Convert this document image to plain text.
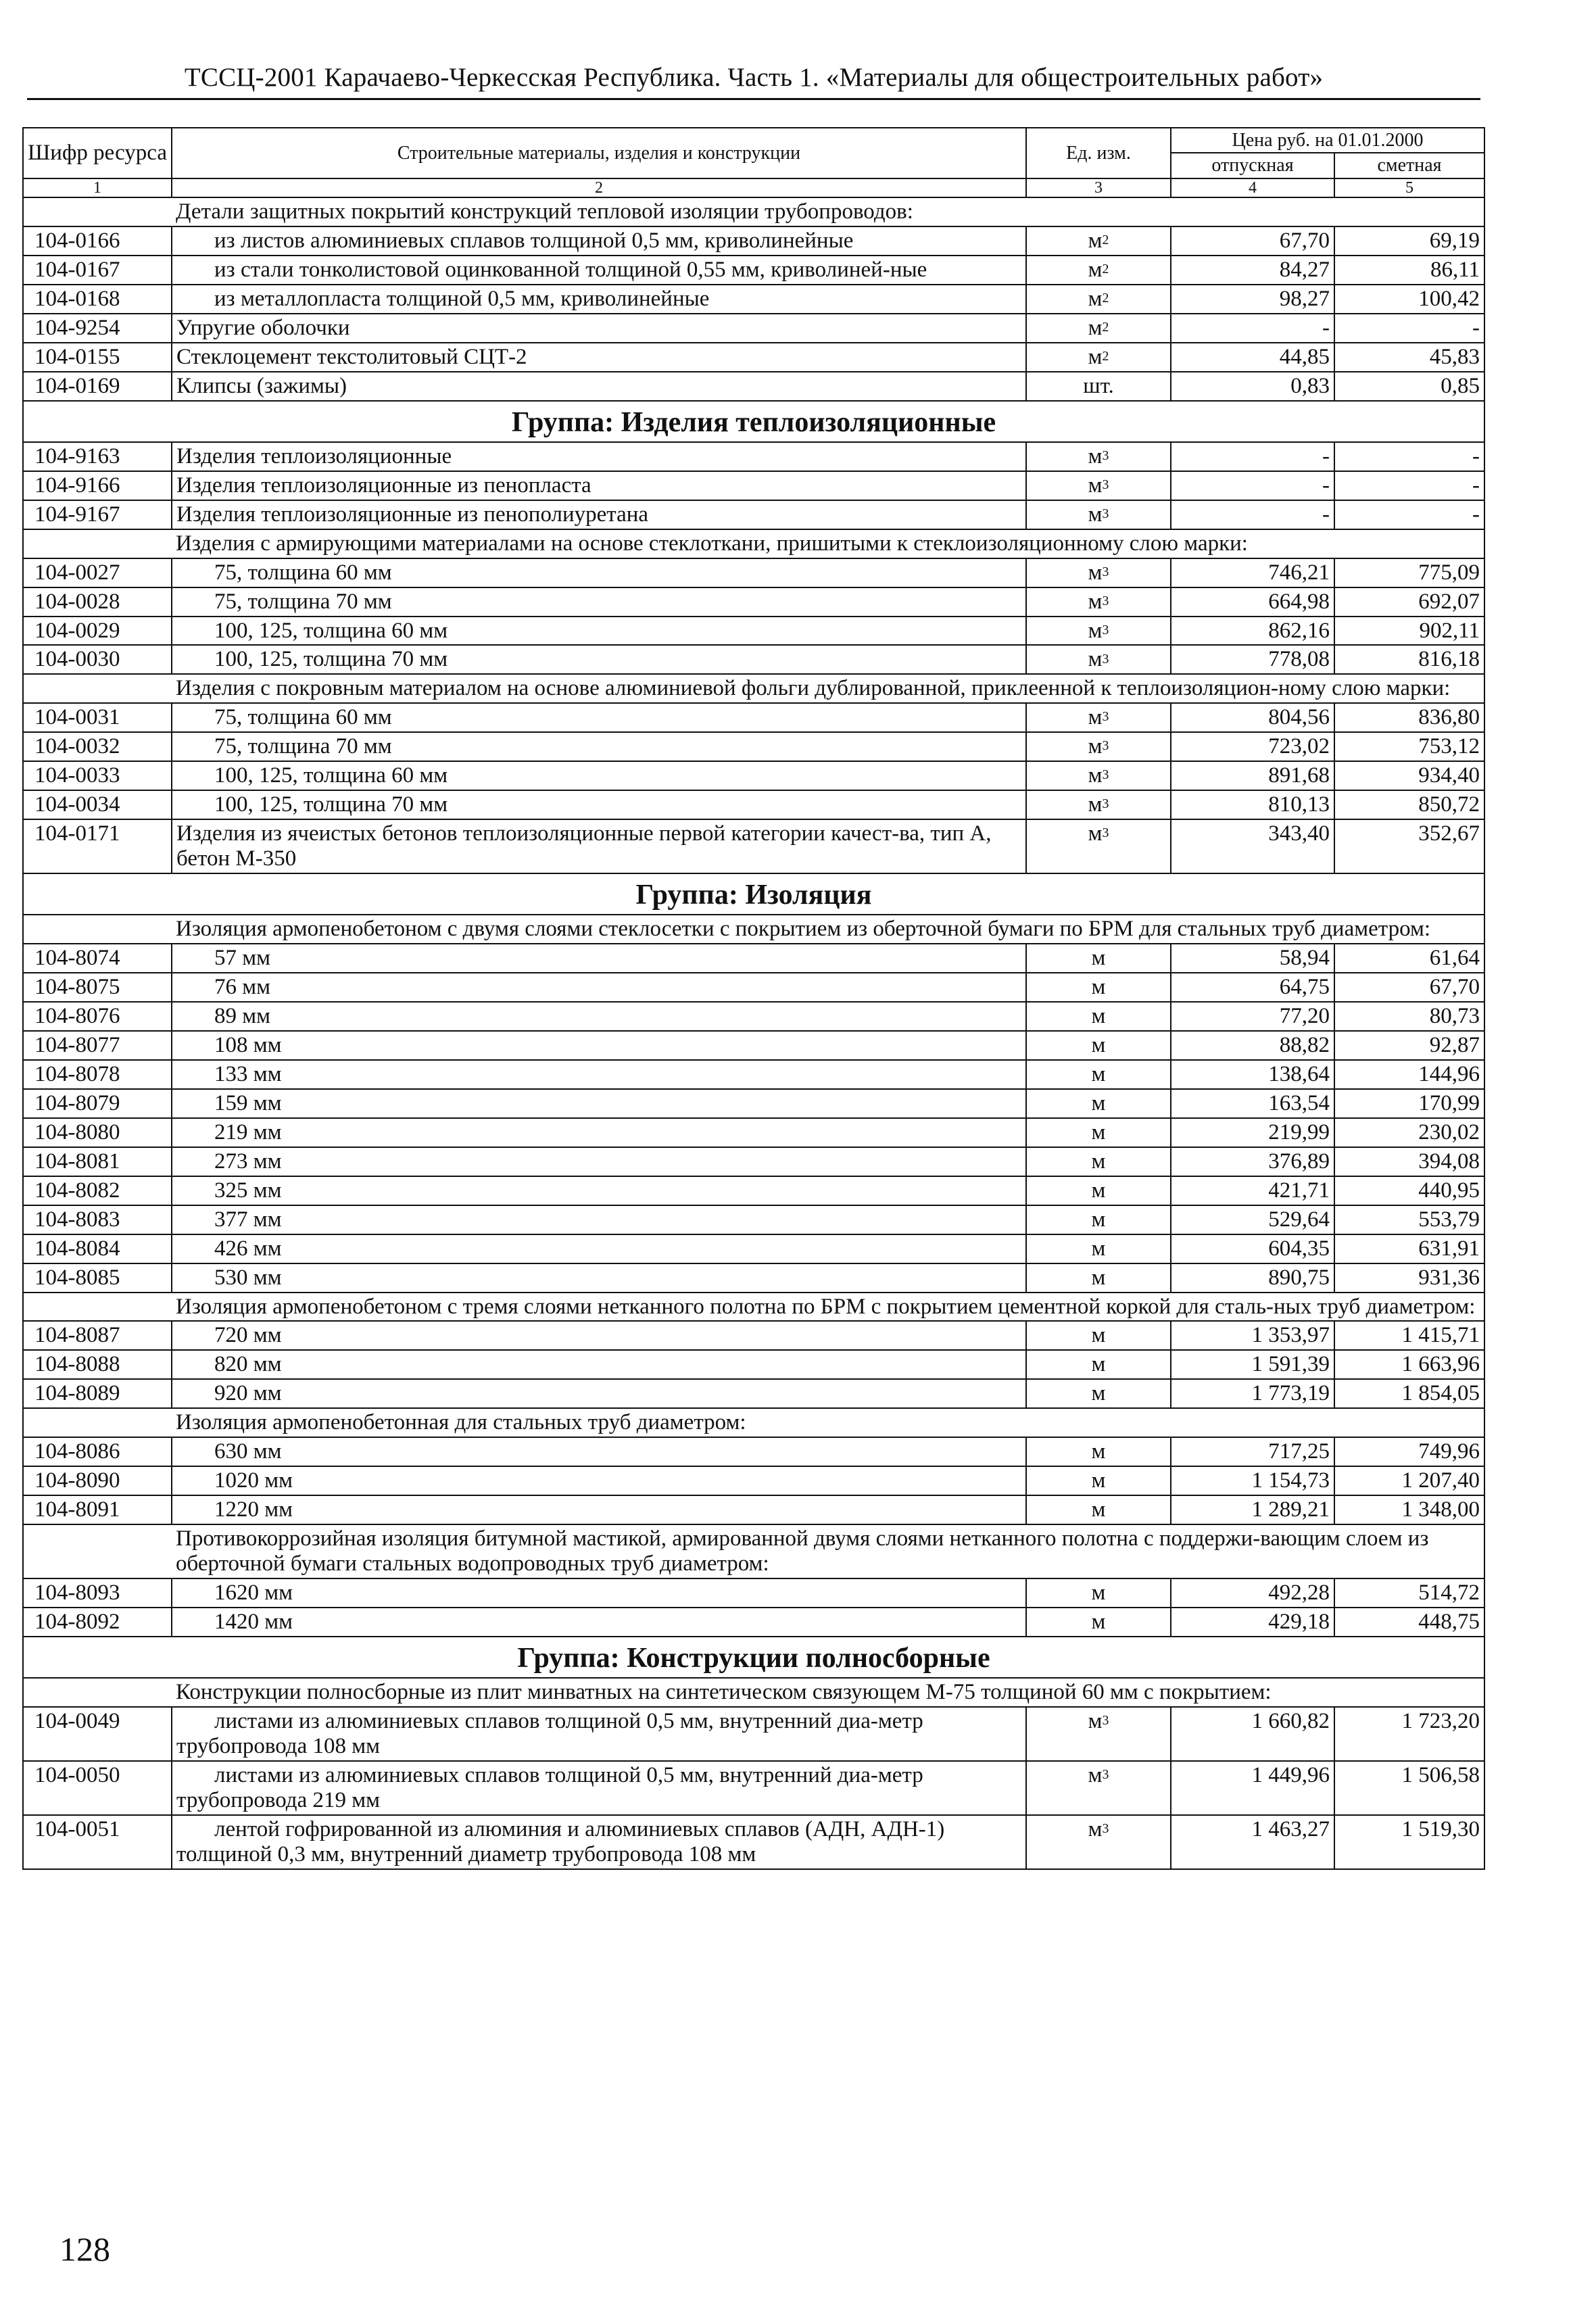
ТССЦ-2001 Карачаево-Черкесская Республика. Часть 1. «Материалы для общестроительных работ»
Шифр ресурса	Строительные материалы, изделия и конструкции	Ед. изм.	Цена руб. на 01.01.2000	
			отпускная	сметная
1	2	3	4	5
	Детали защитных покрытий конструкций тепловой изоляции трубопроводов:			
104-0166	из листов алюминиевых сплавов толщиной 0,5 мм, криволинейные	$м^2$	67,70	69,19
104-0167	из стали тонколистовой оцинкованной толщиной 0,55 мм, криволиней-ные	$м^2$	84,27	86,11
104-0168	из металлопласта толщиной 0,5 мм, криволинейные	$м^2$	98,27	100,42
104-9254	Упругие оболочки	$м^2$	-	-
104-0155	Стеклоцемент текстолитовый СЦТ-2	$м^2$	44,85	45,83
104-0169	Клипсы (зажимы)	шт.	0,83	0,85
Группа: Изделия теплоизоляционные				
104-9163	Изделия теплоизоляционные	$м^3$	-	-
104-9166	Изделия теплоизоляционные из пенопласта	$м^3$	-	-
104-9167	Изделия теплоизоляционные из пенополиуретана	$м^3$	-	-
	Изделия с армирующими материалами на основе стеклоткани, пришитыми к стеклоизоляционному слою марки:			
104-0027	75, толщина 60 мм	$м^3$	746,21	775,09
104-0028	75, толщина 70 мм	$м^3$	664,98	692,07
104-0029	100, 125, толщина 60 мм	$м^3$	862,16	902,11
104-0030	100, 125, толщина 70 мм	$м^3$	778,08	816,18
	Изделия с покровным материалом на основе алюминиевой фольги дублированной, приклеенной к теплоизоляцион-ному слою марки:			
104-0031	75, толщина 60 мм	$м^3$	804,56	836,80
104-0032	75, толщина 70 мм	$м^3$	723,02	753,12
104-0033	100, 125, толщина 60 мм	$м^3$	891,68	934,40
104-0034	100, 125, толщина 70 мм	$м^3$	810,13	850,72
104-0171	Изделия из ячеистых бетонов теплоизоляционные первой категории качест-ва, тип А, бетон М-350	$м^3$	343,40	352,67
Группа: Изоляция				
	Изоляция армопенобетоном с двумя слоями стеклосетки с покрытием из оберточной бумаги по БРМ для стальных труб диаметром:			
104-8074	57 мм	м	58,94	61,64
104-8075	76 мм	м	64,75	67,70
104-8076	89 мм	м	77,20	80,73
104-8077	108 мм	м	88,82	92,87
104-8078	133 мм	м	138,64	144,96
104-8079	159 мм	м	163,54	170,99
104-8080	219 мм	м	219,99	230,02
104-8081	273 мм	м	376,89	394,08
104-8082	325 мм	м	421,71	440,95
104-8083	377 мм	м	529,64	553,79
104-8084	426 мм	м	604,35	631,91
104-8085	530 мм	м	890,75	931,36
	Изоляция армопенобетоном с тремя слоями нетканного полотна по БРМ с покрытием цементной коркой для сталь-ных труб диаметром:			
104-8087	720 мм	м	1 353,97	1 415,71
104-8088	820 мм	м	1 591,39	1 663,96
104-8089	920 мм	м	1 773,19	1 854,05
	Изоляция армопенобетонная для стальных труб диаметром:			
104-8086	630 мм	м	717,25	749,96
104-8090	1020 мм	м	1 154,73	1 207,40
104-8091	1220 мм	м	1 289,21	1 348,00
	Противокоррозийная изоляция битумной мастикой, армированной двумя слоями нетканного полотна с поддержи-вающим слоем из оберточной бумаги стальных водопроводных труб диаметром:			
104-8093	1620 мм	м	492,28	514,72
104-8092	1420 мм	м	429,18	448,75
Группа: Конструкции полносборные				
	Конструкции полносборные из плит минватных на синтетическом связующем М-75 толщиной 60 мм с покрытием:			
104-0049	листами из алюминиевых сплавов толщиной 0,5 мм, внутренний диа-метр трубопровода 108 мм	$м^3$	1 660,82	1 723,20
104-0050	листами из алюминиевых сплавов толщиной 0,5 мм, внутренний диа-метр трубопровода 219 мм	$м^3$	1 449,96	1 506,58
104-0051	лентой гофрированной из алюминия и алюминиевых сплавов (АДН, АДН-1) толщиной 0,3 мм, внутренний диаметр трубопровода 108 мм	$м^3$	1 463,27	1 519,30
128
